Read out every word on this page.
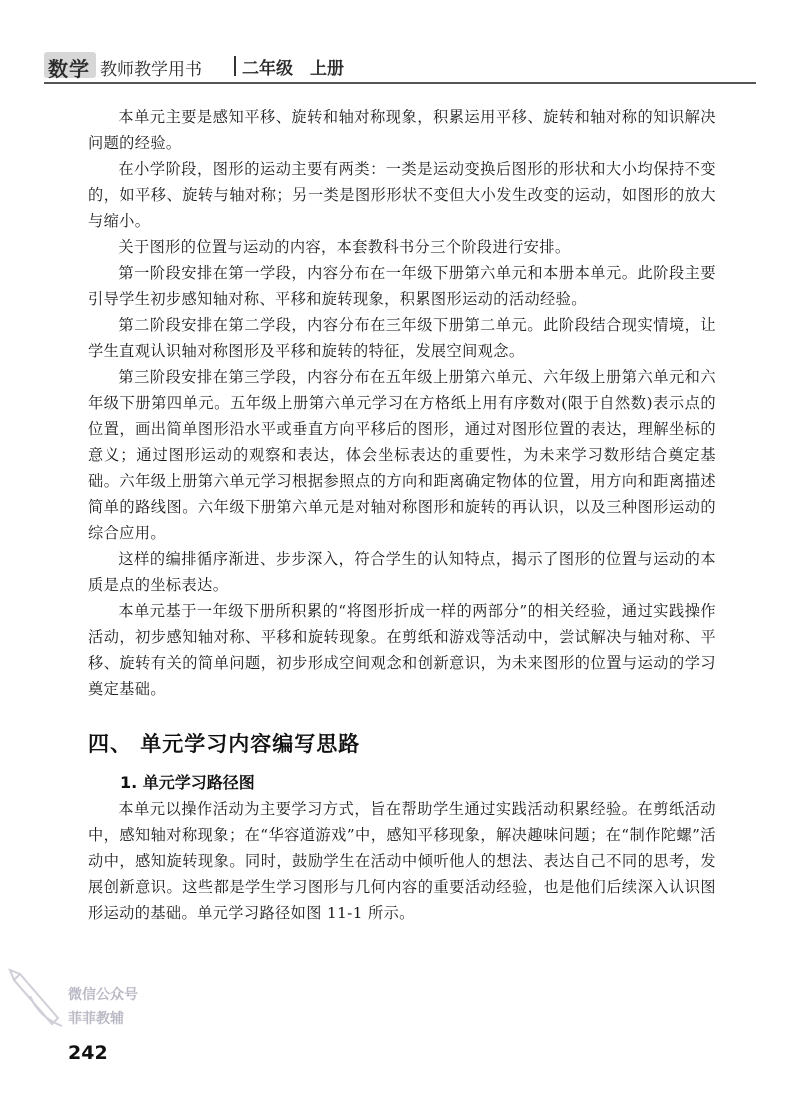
数学 教师教学用书 二年级　上册

本单元主要是感知平移、旋转和轴对称现象，积累运用平移、旋转和轴对称的知识解决问题的经验。

在小学阶段，图形的运动主要有两类：一类是运动变换后图形的形状和大小均保持不变的，如平移、旋转与轴对称；另一类是图形形状不变但大小发生改变的运动，如图形的放大与缩小。

关于图形的位置与运动的内容，本套教科书分三个阶段进行安排。

第一阶段安排在第一学段，内容分布在一年级下册第六单元和本册本单元。此阶段主要引导学生初步感知轴对称、平移和旋转现象，积累图形运动的活动经验。

第二阶段安排在第二学段，内容分布在三年级下册第二单元。此阶段结合现实情境，让学生直观认识轴对称图形及平移和旋转的特征，发展空间观念。

第三阶段安排在第三学段，内容分布在五年级上册第六单元、六年级上册第六单元和六年级下册第四单元。五年级上册第六单元学习在方格纸上用有序数对(限于自然数)表示点的位置，画出简单图形沿水平或垂直方向平移后的图形，通过对图形位置的表达，理解坐标的意义；通过图形运动的观察和表达，体会坐标表达的重要性，为未来学习数形结合奠定基础。六年级上册第六单元学习根据参照点的方向和距离确定物体的位置，用方向和距离描述简单的路线图。六年级下册第六单元是对轴对称图形和旋转的再认识，以及三种图形运动的综合应用。

这样的编排循序渐进、步步深入，符合学生的认知特点，揭示了图形的位置与运动的本质是点的坐标表达。

本单元基于一年级下册所积累的“将图形折成一样的两部分”的相关经验，通过实践操作活动，初步感知轴对称、平移和旋转现象。在剪纸和游戏等活动中，尝试解决与轴对称、平移、旋转有关的简单问题，初步形成空间观念和创新意识，为未来图形的位置与运动的学习奠定基础。

四、 单元学习内容编写思路
1. 单元学习路径图

本单元以操作活动为主要学习方式，旨在帮助学生通过实践活动积累经验。在剪纸活动中，感知轴对称现象；在“华容道游戏”中，感知平移现象，解决趣味问题；在“制作陀螺”活动中，感知旋转现象。同时，鼓励学生在活动中倾听他人的想法、表达自己不同的思考，发展创新意识。这些都是学生学习图形与几何内容的重要活动经验，也是他们后续深入认识图形运动的基础。单元学习路径如图 11-1 所示。

微信公众号
菲菲教辅
242
